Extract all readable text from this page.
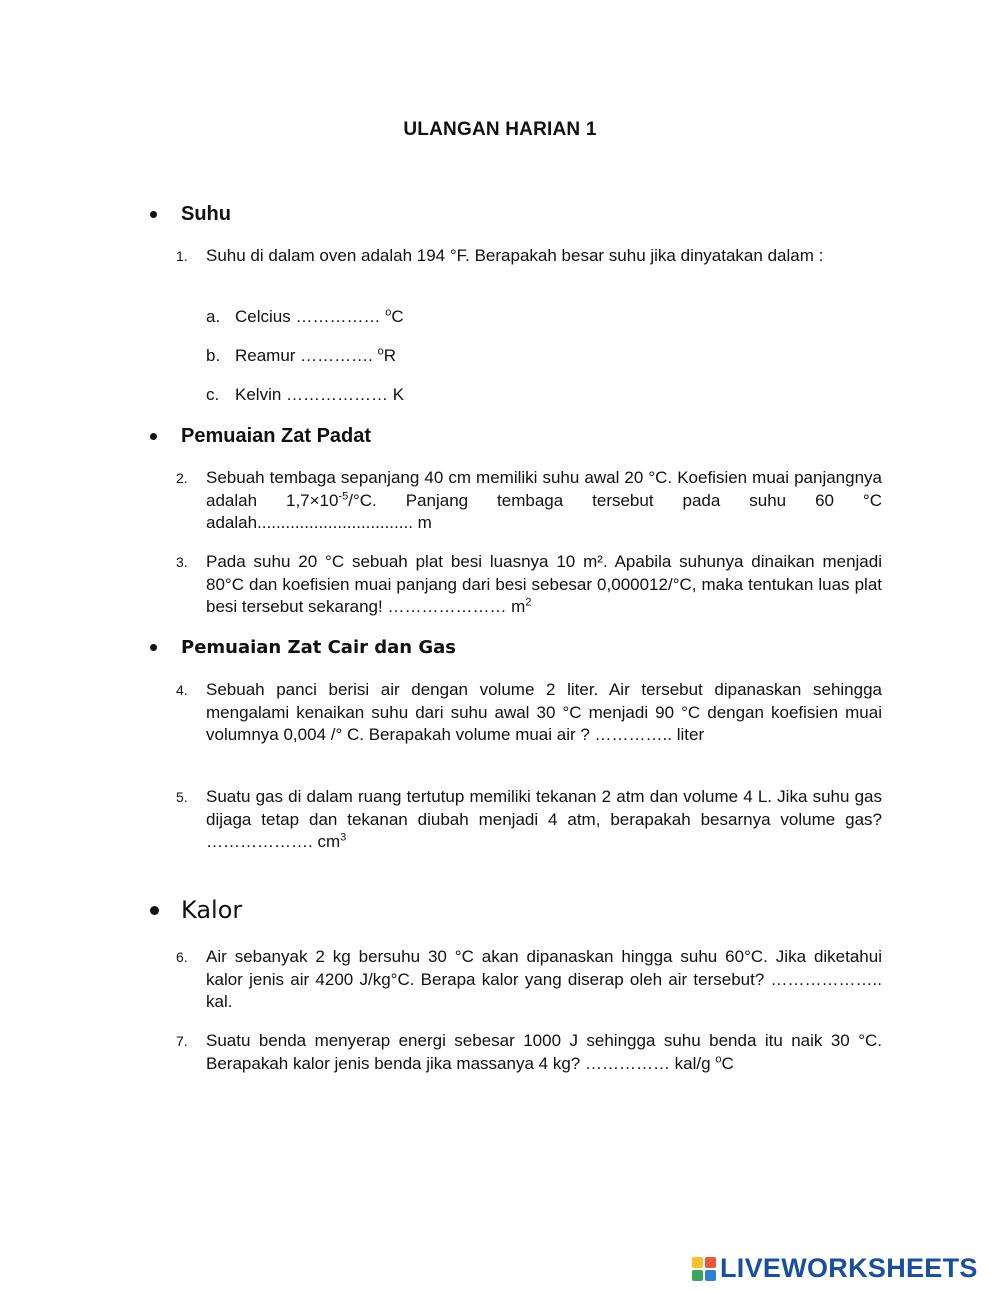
ULANGAN HARIAN 1
Suhu
1. Suhu di dalam oven adalah 194 °F. Berapakah besar suhu jika dinyatakan dalam :
a. Celcius …………… $^o$C
b. Reamur …………. $^o$R
c. Kelvin ……………… K
Pemuaian Zat Padat
2. Sebuah tembaga sepanjang 40 cm memiliki suhu awal 20 °C. Koefisien muai panjangnya adalah $1,7\times 10^{-5}/^\circ C$. Panjang tembaga tersebut pada suhu 60 °C adalah................................. m
3. Pada suhu 20 °C sebuah plat besi luasnya 10 m². Apabila suhunya dinaikan menjadi 80°C dan koefisien muai panjang dari besi sebesar 0,000012/°C, maka tentukan luas plat besi tersebut sekarang! ………………… $m^2$
Pemuaian Zat Cair dan Gas
4. Sebuah panci berisi air dengan volume 2 liter. Air tersebut dipanaskan sehingga mengalami kenaikan suhu dari suhu awal 30 °C menjadi 90 °C dengan koefisien muai volumnya 0,004 /° C. Berapakah volume muai air ? ………….. liter
5. Suatu gas di dalam ruang tertutup memiliki tekanan 2 atm dan volume 4 L. Jika suhu gas dijaga tetap dan tekanan diubah menjadi 4 atm, berapakah besarnya volume gas? ………………. $cm^3$
Kalor
6. Air sebanyak 2 kg bersuhu 30 °C akan dipanaskan hingga suhu 60°C. Jika diketahui kalor jenis air 4200 J/kg°C. Berapa kalor yang diserap oleh air tersebut? ……………….. kal.
7. Suatu benda menyerap energi sebesar 1000 J sehingga suhu benda itu naik 30 °C. Berapakah kalor jenis benda jika massanya 4 kg? …………… kal/g $^o$C
LIVEWORKSHEETS
